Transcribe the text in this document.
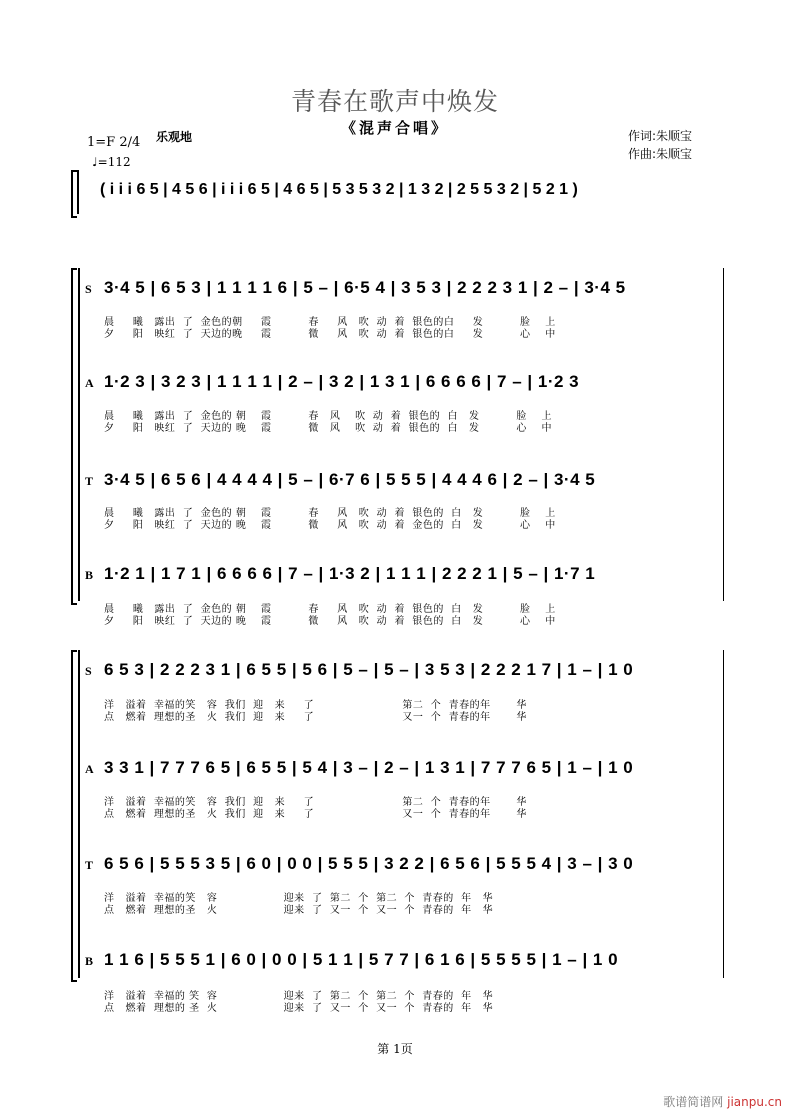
青春在歌声中焕发
《混声合唱》
1=F 2/4
♩=112
乐观地	作词:朱顺宝
作曲:朱顺宝
( i i i 6 5 | 4 5 6 | i i i 6 5 | 4 6 5 | 5 3 5 3 2 | 1 3 2 | 2 5 5 3 2 | 5 2 1 )
S 3·4 5 | 6 5 3 | 1 1 1 1 6 | 5 – | 6·5 4 | 3 5 3 | 2 2 2 3 1 | 2 – | 3·4 5
晨     曦   露出  了  金色的朝     霞          春     风   吹  动  着  银色的白     发          脸    上
夕     阳   映红  了  天边的晚     霞          微     风   吹  动  着  银色的白     发          心    中
A 1·2 3 | 3 2 3 | 1 1 1 1 | 2 – | 3 2 | 1 3 1 | 6 6 6 6 | 7 – | 1·2 3
晨     曦   露出  了  金色的 朝    霞          春   风    吹  动  着  银色的  白   发          脸    上
夕     阳   映红  了  天边的 晚    霞          微   风    吹  动  着  银色的  白   发          心    中
T 3·4 5 | 6 5 6 | 4 4 4 4 | 5 – | 6·7 6 | 5 5 5 | 4 4 4 6 | 2 – | 3·4 5
晨     曦   露出  了  金色的 朝    霞          春     风   吹  动  着  银色的  白   发          脸    上
夕     阳   映红  了  天边的 晚    霞          微     风   吹  动  着  金色的  白   发          心    中
B 1·2 1 | 1 7 1 | 6 6 6 6 | 7 – | 1·3 2 | 1 1 1 | 2 2 2 1 | 5 – | 1·7 1
晨     曦   露出  了  金色的 朝    霞          春     风   吹  动  着  银色的  白   发          脸    上
夕     阳   映红  了  天边的 晚    霞          微     风   吹  动  着  银色的  白   发          心    中
S 6 5 3 | 2 2 2 3 1 | 6 5 5 | 5 6 | 5 – | 5 – | 3 5 3 | 2 2 2 1 7 | 1 – | 1 0
洋   溢着  幸福的笑   容  我们  迎   来     了                        第二  个  青春的年       华
点   燃着  理想的圣   火  我们  迎   来     了                        又一  个  青春的年       华
A 3 3 1 | 7 7 7 6 5 | 6 5 5 | 5 4 | 3 – | 2 – | 1 3 1 | 7 7 7 6 5 | 1 – | 1 0
洋   溢着  幸福的笑   容  我们  迎   来     了                        第二  个  青春的年       华
点   燃着  理想的圣   火  我们  迎   来     了                        又一  个  青春的年       华
T 6 5 6 | 5 5 5 3 5 | 6 0 | 0 0 | 5 5 5 | 3 2 2 | 6 5 6 | 5 5 5 4 | 3 – | 3 0
洋   溢着  幸福的笑   容                  迎来  了  第二  个  第二  个  青春的  年   华
点   燃着  理想的圣   火                  迎来  了  又一  个  又一  个  青春的  年   华
B 1 1 6 | 5 5 5 1 | 6 0 | 0 0 | 5 1 1 | 5 7 7 | 6 1 6 | 5 5 5 5 | 1 – | 1 0
洋   溢着  幸福的 笑  容                  迎来  了  第二  个  第二  个  青春的  年   华
点   燃着  理想的 圣  火                  迎来  了  又一  个  又一  个  青春的  年   华
第 1页
歌谱简谱网 jianpu.cn
